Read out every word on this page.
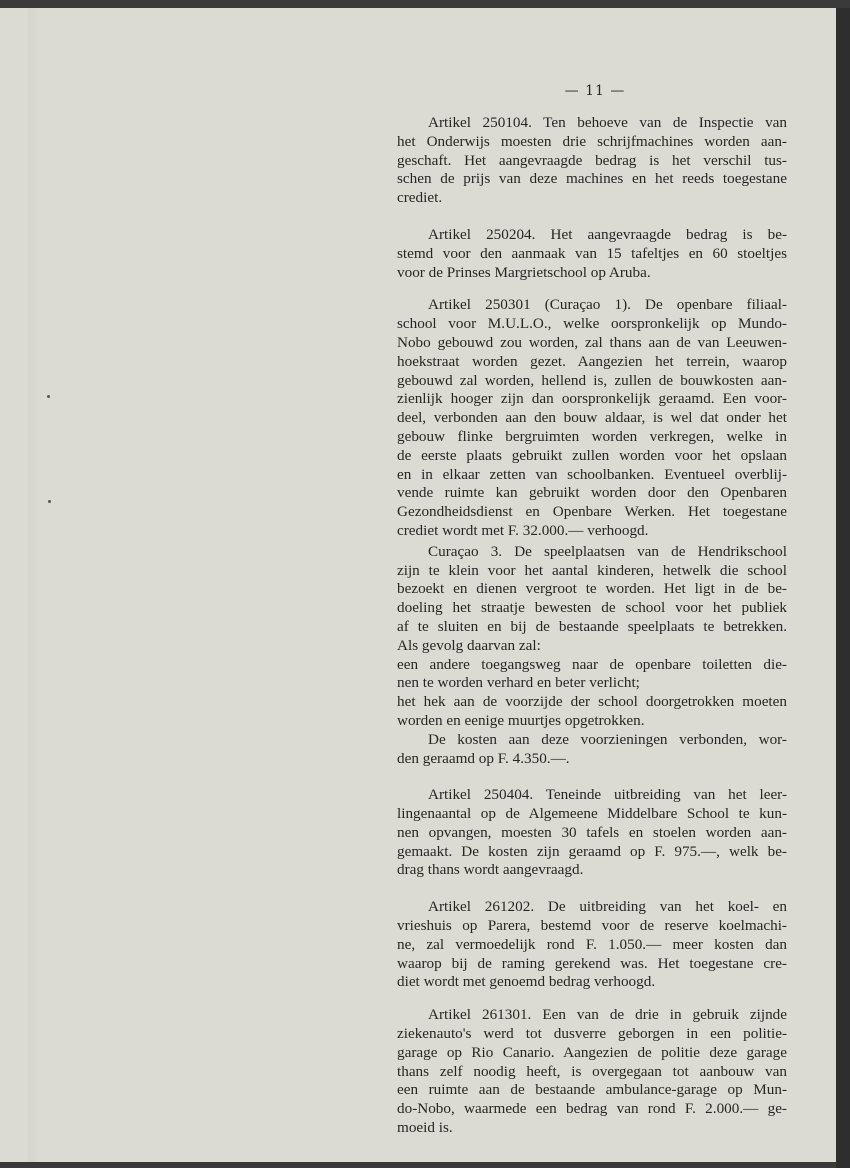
— 11 —
Artikel 250104. Ten behoeve van de Inspectie van
het Onderwijs moesten drie schrijfmachines worden aan-
geschaft. Het aangevraagde bedrag is het verschil tus-
schen de prijs van deze machines en het reeds toegestane
crediet.
Artikel 250204. Het aangevraagde bedrag is be-
stemd voor den aanmaak van 15 tafeltjes en 60 stoeltjes
voor de Prinses Margrietschool op Aruba.
Artikel 250301 (Curaçao 1). De openbare filiaal-
school voor M.U.L.O., welke oorspronkelijk op Mundo-
Nobo gebouwd zou worden, zal thans aan de van Leeuwen-
hoekstraat worden gezet. Aangezien het terrein, waarop
gebouwd zal worden, hellend is, zullen de bouwkosten aan-
zienlijk hooger zijn dan oorspronkelijk geraamd. Een voor-
deel, verbonden aan den bouw aldaar, is wel dat onder het
gebouw flinke bergruimten worden verkregen, welke in
de eerste plaats gebruikt zullen worden voor het opslaan
en in elkaar zetten van schoolbanken. Eventueel overblij-
vende ruimte kan gebruikt worden door den Openbaren
Gezondheidsdienst en Openbare Werken. Het toegestane
crediet wordt met F. 32.000.— verhoogd.
Curaçao 3. De speelplaatsen van de Hendrikschool
zijn te klein voor het aantal kinderen, hetwelk die school
bezoekt en dienen vergroot te worden. Het ligt in de be-
doeling het straatje bewesten de school voor het publiek
af te sluiten en bij de bestaande speelplaats te betrekken.
Als gevolg daarvan zal:
een andere toegangsweg naar de openbare toiletten die-
nen te worden verhard en beter verlicht;
het hek aan de voorzijde der school doorgetrokken moeten
worden en eenige muurtjes opgetrokken.
De kosten aan deze voorzieningen verbonden, wor-
den geraamd op F. 4.350.—.
Artikel 250404. Teneinde uitbreiding van het leer-
lingenaantal op de Algemeene Middelbare School te kun-
nen opvangen, moesten 30 tafels en stoelen worden aan-
gemaakt. De kosten zijn geraamd op F. 975.—, welk be-
drag thans wordt aangevraagd.
Artikel 261202. De uitbreiding van het koel- en
vrieshuis op Parera, bestemd voor de reserve koelmachi-
ne, zal vermoedelijk rond F. 1.050.— meer kosten dan
waarop bij de raming gerekend was. Het toegestane cre-
diet wordt met genoemd bedrag verhoogd.
Artikel 261301. Een van de drie in gebruik zijnde
ziekenauto's werd tot dusverre geborgen in een politie-
garage op Rio Canario. Aangezien de politie deze garage
thans zelf noodig heeft, is overgegaan tot aanbouw van
een ruimte aan de bestaande ambulance-garage op Mun-
do-Nobo, waarmede een bedrag van rond F. 2.000.— ge-
moeid is.
